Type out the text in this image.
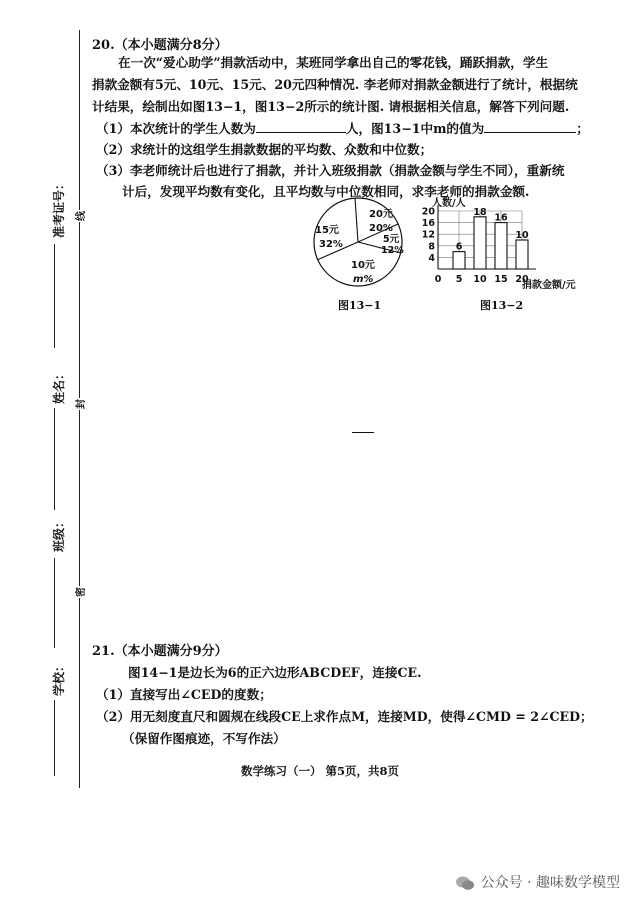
准考证号：
姓名：
班级：
学校：
线
封
密
20.（本小题满分8分）
在一次“爱心助学”捐款活动中，某班同学拿出自己的零花钱，踊跃捐款，学生
捐款金额有5元、10元、15元、20元四种情况. 李老师对捐款金额进行了统计，根据统
计结果，绘制出如图13−1，图13−2所示的统计图. 请根据相关信息，解答下列问题.
（1）本次统计的学生人数为	人，图13−1中m的值为	；
（2）求统计的这组学生捐款数据的平均数、众数和中位数；
（3）李老师统计后也进行了捐款，并计入班级捐款（捐款金额与学生不同），重新统
计后，发现平均数有变化，且平均数与中位数相同，求李老师的捐款金额.
15元
32%
20元
20%
5元
12%
10元
m%
图13−1
人数/人
捐款金额/元
4
8
12
16
20
0 5 10 15 20
6
18
16
10
图13−2
21.（本小题满分9分）
图14−1是边长为6的正六边形ABCDEF，连接CE.
（1）直接写出∠CED的度数；
（2）用无刻度直尺和圆规在线段CE上求作点M，连接MD，使得∠CMD = 2∠CED；
（保留作图痕迹，不写作法）
数学练习（一） 第5页，共8页
公众号 · 趣味数学模型
